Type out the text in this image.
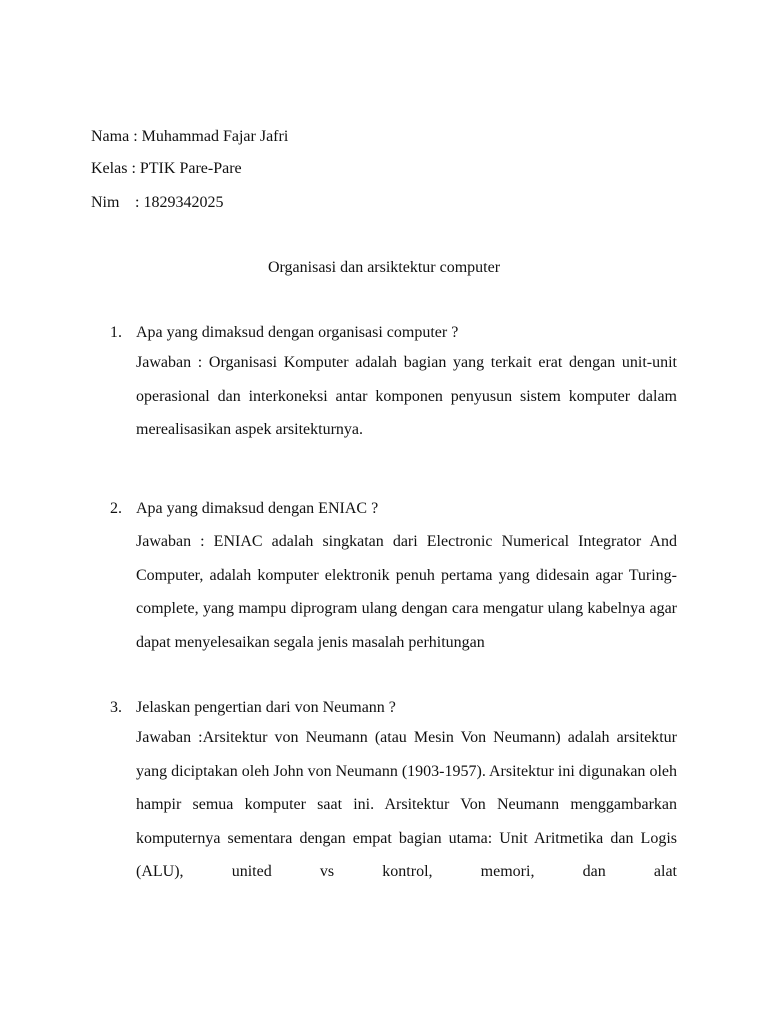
Nama : Muhammad Fajar Jafri
Kelas : PTIK Pare-Pare
Nim : 1829342025
Organisasi dan arsiktektur computer
1. Apa yang dimaksud dengan organisasi computer ?
Jawaban : Organisasi Komputer adalah bagian yang terkait erat dengan unit-unit operasional dan interkoneksi antar komponen penyusun sistem komputer dalam merealisasikan aspek arsitekturnya.
2. Apa yang dimaksud dengan ENIAC ?
Jawaban : ENIAC adalah singkatan dari Electronic Numerical Integrator And Computer, adalah komputer elektronik penuh pertama yang didesain agar Turing-complete, yang mampu diprogram ulang dengan cara mengatur ulang kabelnya agar dapat menyelesaikan segala jenis masalah perhitungan
3. Jelaskan pengertian dari von Neumann ?
Jawaban :Arsitektur von Neumann (atau Mesin Von Neumann) adalah arsitektur yang diciptakan oleh John von Neumann (1903-1957). Arsitektur ini digunakan oleh hampir semua komputer saat ini. Arsitektur Von Neumann menggambarkan komputernya sementara dengan empat bagian utama: Unit Aritmetika dan Logis (ALU), united vs kontrol, memori, dan alat
